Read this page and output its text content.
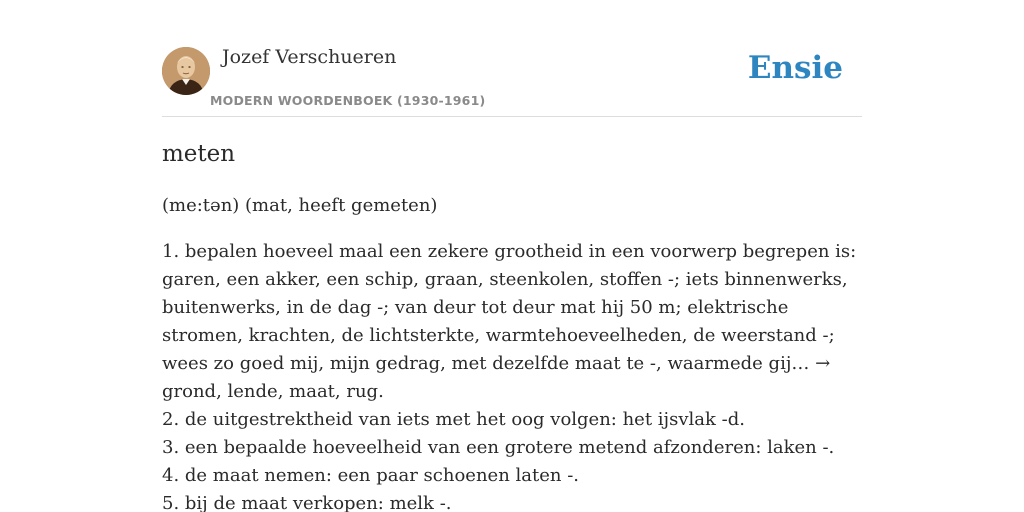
Jozef Verschueren
MODERN WOORDENBOEK (1930-1961)
Ensie
meten

(me:tən) (mat, heeft gemeten)

1. bepalen hoeveel maal een zekere grootheid in een voorwerp begrepen is: garen, een akker, een schip, graan, steenkolen, stoffen -; iets binnenwerks, buitenwerks, in de dag -; van deur tot deur mat hij 50 m; elektrische stromen, krachten, de lichtsterkte, warmtehoeveelheden, de weerstand -; wees zo goed mij, mijn gedrag, met dezelfde maat te -, waarmede gij… → grond, lende, maat, rug.

2. de uitgestrektheid van iets met het oog volgen: het ijsvlak -d.

3. een bepaalde hoeveelheid van een grotere metend afzonderen: laken -.

4. de maat nemen: een paar schoenen laten -.

5. bij de maat verkopen: melk -.
